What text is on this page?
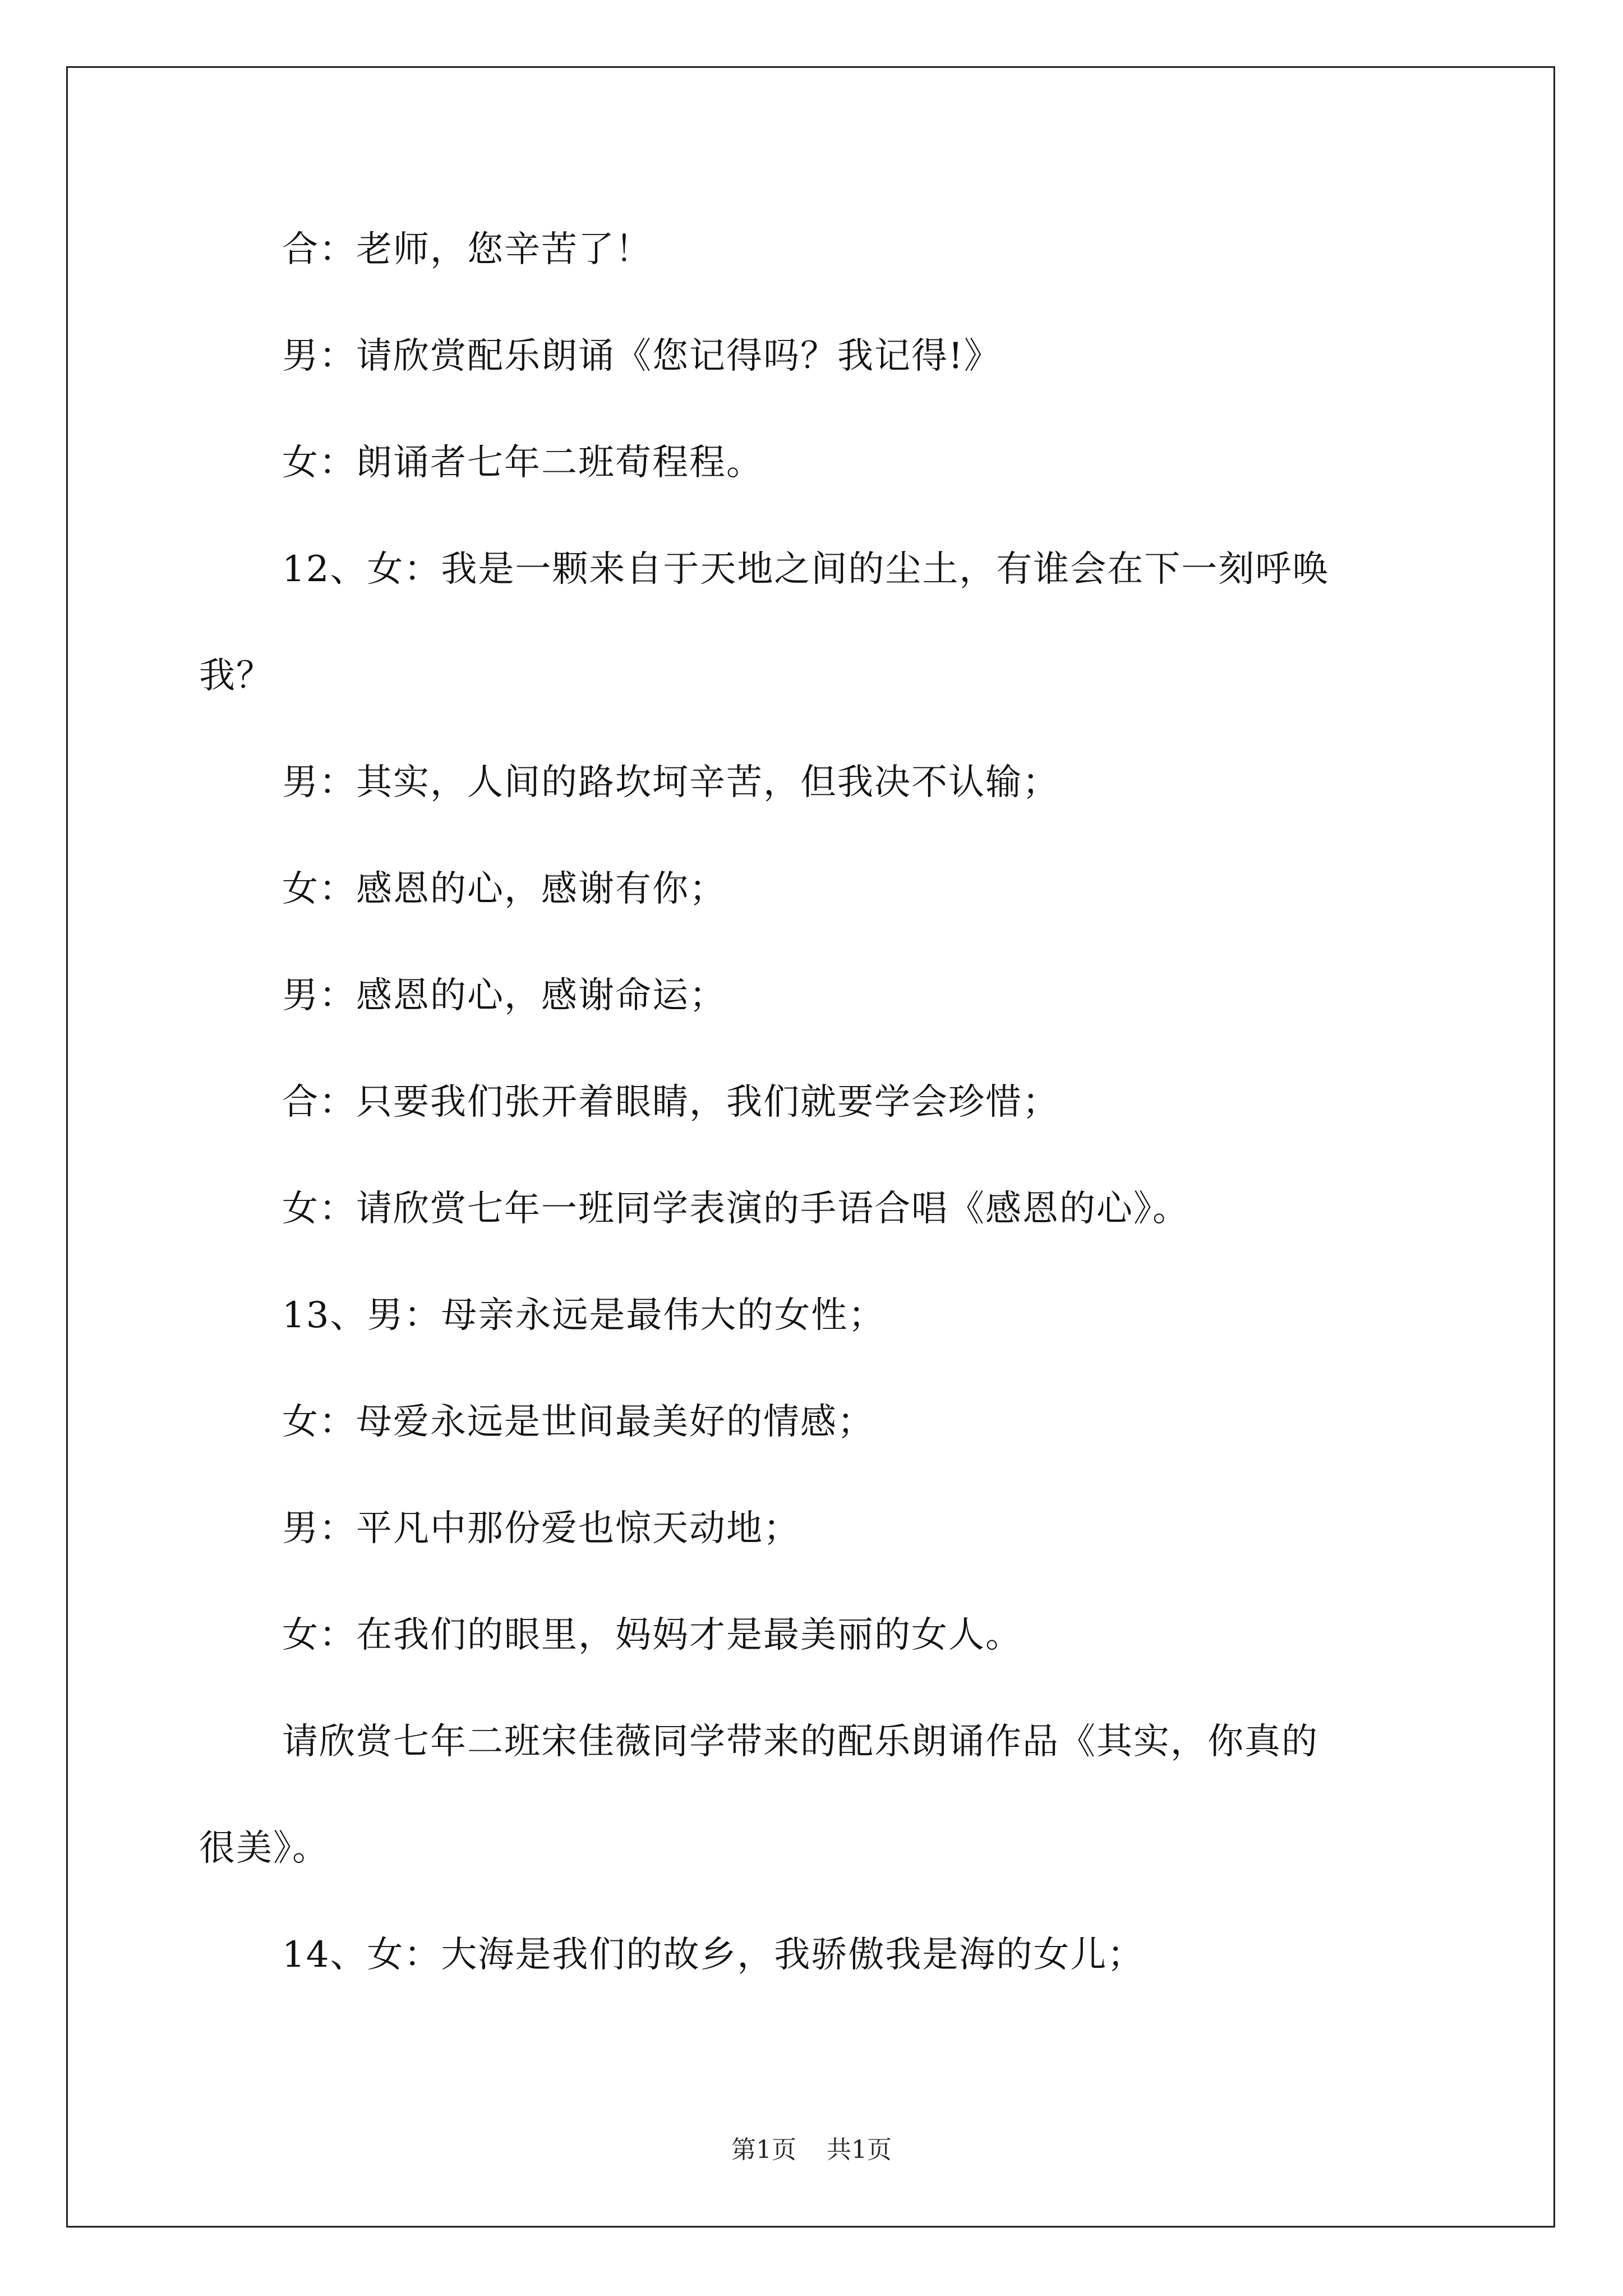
合：老师，您辛苦了！
男：请欣赏配乐朗诵《您记得吗？我记得!》
女：朗诵者七年二班荀程程。
12、女：我是一颗来自于天地之间的尘土，有谁会在下一刻呼唤
我？
男：其实，人间的路坎坷辛苦，但我决不认输；
女：感恩的心，感谢有你；
男：感恩的心，感谢命运；
合：只要我们张开着眼睛，我们就要学会珍惜；
女：请欣赏七年一班同学表演的手语合唱《感恩的心》。
13、男：母亲永远是最伟大的女性；
女：母爱永远是世间最美好的情感；
男：平凡中那份爱也惊天动地；
女：在我们的眼里，妈妈才是最美丽的女人。
请欣赏七年二班宋佳薇同学带来的配乐朗诵作品《其实，你真的
很美》。
14、女：大海是我们的故乡，我骄傲我是海的女儿；
第1页 共1页
